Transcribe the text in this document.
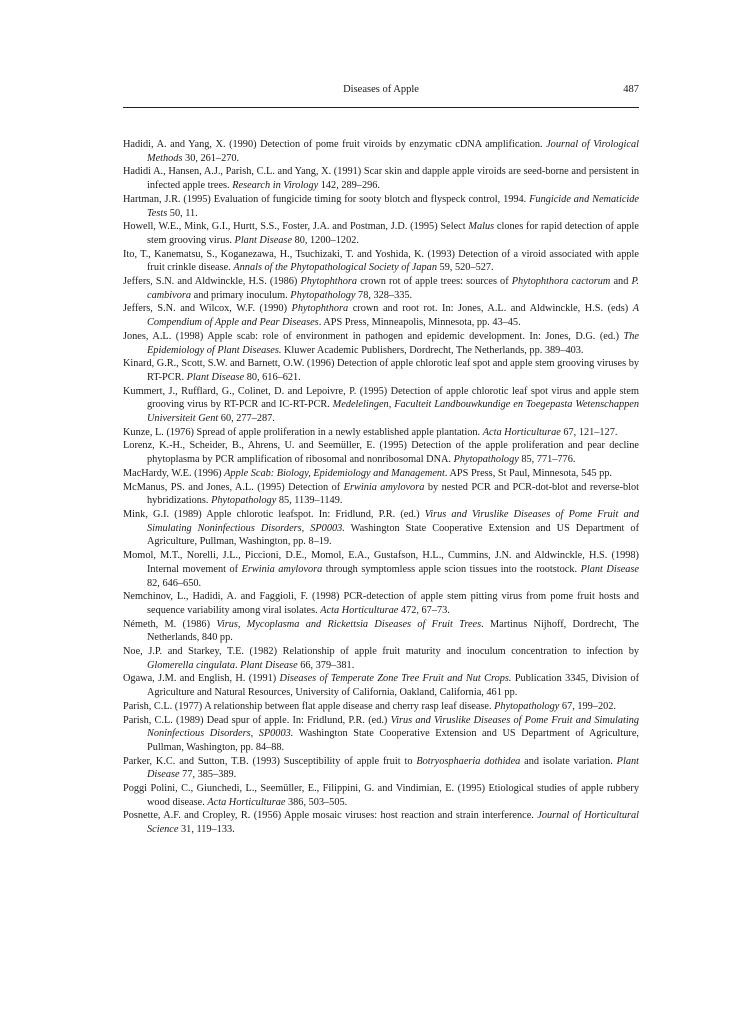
Diseases of Apple	487

Hadidi, A. and Yang, X. (1990) Detection of pome fruit viroids by enzymatic cDNA amplification. Journal of Virological Methods 30, 261–270.

Hadidi A., Hansen, A.J., Parish, C.L. and Yang, X. (1991) Scar skin and dapple apple viroids are seed-borne and persistent in infected apple trees. Research in Virology 142, 289–296.

Hartman, J.R. (1995) Evaluation of fungicide timing for sooty blotch and flyspeck control, 1994. Fungicide and Nematicide Tests 50, 11.

Howell, W.E., Mink, G.I., Hurtt, S.S., Foster, J.A. and Postman, J.D. (1995) Select Malus clones for rapid detection of apple stem grooving virus. Plant Disease 80, 1200–1202.

Ito, T., Kanematsu, S., Koganezawa, H., Tsuchizaki, T. and Yoshida, K. (1993) Detection of a viroid associated with apple fruit crinkle disease. Annals of the Phytopathological Society of Japan 59, 520–527.

Jeffers, S.N. and Aldwinckle, H.S. (1986) Phytophthora crown rot of apple trees: sources of Phytophthora cactorum and P. cambivora and primary inoculum. Phytopathology 78, 328–335.

Jeffers, S.N. and Wilcox, W.F. (1990) Phytophthora crown and root rot. In: Jones, A.L. and Aldwinckle, H.S. (eds) A Compendium of Apple and Pear Diseases. APS Press, Minneapolis, Minnesota, pp. 43–45.

Jones, A.L. (1998) Apple scab: role of environment in pathogen and epidemic development. In: Jones, D.G. (ed.) The Epidemiology of Plant Diseases. Kluwer Academic Publishers, Dordrecht, The Netherlands, pp. 389–403.

Kinard, G.R., Scott, S.W. and Barnett, O.W. (1996) Detection of apple chlorotic leaf spot and apple stem grooving viruses by RT-PCR. Plant Disease 80, 616–621.

Kummert, J., Rufflard, G., Colinet, D. and Lepoivre, P. (1995) Detection of apple chlorotic leaf spot virus and apple stem grooving virus by RT-PCR and IC-RT-PCR. Medelelingen, Faculteit Landbouwkundige en Toegepasta Wetenschappen Universiteit Gent 60, 277–287.

Kunze, L. (1976) Spread of apple proliferation in a newly established apple plantation. Acta Horticulturae 67, 121–127.

Lorenz, K.-H., Scheider, B., Ahrens, U. and Seemüller, E. (1995) Detection of the apple proliferation and pear decline phytoplasma by PCR amplification of ribosomal and nonribosomal DNA. Phytopathology 85, 771–776.

MacHardy, W.E. (1996) Apple Scab: Biology, Epidemiology and Management. APS Press, St Paul, Minnesota, 545 pp.

McManus, PS. and Jones, A.L. (1995) Detection of Erwinia amylovora by nested PCR and PCR-dot-blot and reverse-blot hybridizations. Phytopathology 85, 1139–1149.

Mink, G.I. (1989) Apple chlorotic leafspot. In: Fridlund, P.R. (ed.) Virus and Viruslike Diseases of Pome Fruit and Simulating Noninfectious Disorders, SP0003. Washington State Cooperative Extension and US Department of Agriculture, Pullman, Washington, pp. 8–19.

Momol, M.T., Norelli, J.L., Piccioni, D.E., Momol, E.A., Gustafson, H.L., Cummins, J.N. and Aldwinckle, H.S. (1998) Internal movement of Erwinia amylovora through symptomless apple scion tissues into the rootstock. Plant Disease 82, 646–650.

Nemchinov, L., Hadidi, A. and Faggioli, F. (1998) PCR-detection of apple stem pitting virus from pome fruit hosts and sequence variability among viral isolates. Acta Horticulturae 472, 67–73.

Németh, M. (1986) Virus, Mycoplasma and Rickettsia Diseases of Fruit Trees. Martinus Nijhoff, Dordrecht, The Netherlands, 840 pp.

Noe, J.P. and Starkey, T.E. (1982) Relationship of apple fruit maturity and inoculum concentration to infection by Glomerella cingulata. Plant Disease 66, 379–381.

Ogawa, J.M. and English, H. (1991) Diseases of Temperate Zone Tree Fruit and Nut Crops. Publication 3345, Division of Agriculture and Natural Resources, University of California, Oakland, California, 461 pp.

Parish, C.L. (1977) A relationship between flat apple disease and cherry rasp leaf disease. Phytopathology 67, 199–202.

Parish, C.L. (1989) Dead spur of apple. In: Fridlund, P.R. (ed.) Virus and Viruslike Diseases of Pome Fruit and Simulating Noninfectious Disorders, SP0003. Washington State Cooperative Extension and US Department of Agriculture, Pullman, Washington, pp. 84–88.

Parker, K.C. and Sutton, T.B. (1993) Susceptibility of apple fruit to Botryosphaeria dothidea and isolate variation. Plant Disease 77, 385–389.

Poggi Polini, C., Giunchedi, L., Seemüller, E., Filippini, G. and Vindimian, E. (1995) Etiological studies of apple rubbery wood disease. Acta Horticulturae 386, 503–505.

Posnette, A.F. and Cropley, R. (1956) Apple mosaic viruses: host reaction and strain interference. Journal of Horticultural Science 31, 119–133.
